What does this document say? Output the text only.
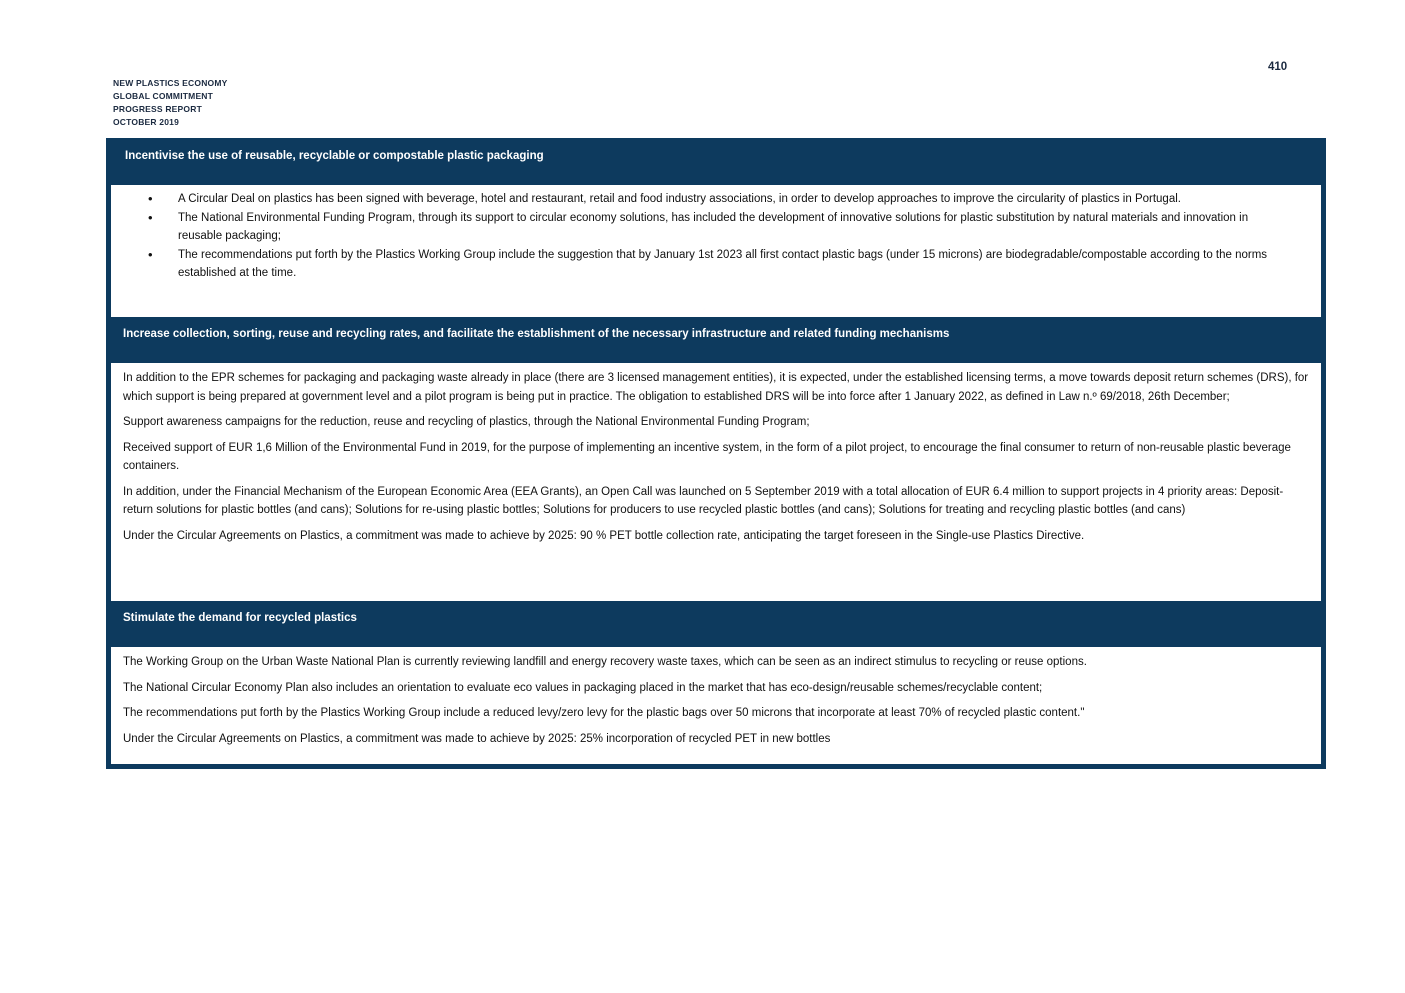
NEW PLASTICS ECONOMY
GLOBAL COMMITMENT
PROGRESS REPORT
OCTOBER 2019
410
Incentivise the use of reusable, recyclable or compostable plastic packaging
• A Circular Deal on plastics has been signed with beverage, hotel and restaurant, retail and food industry associations, in order to develop approaches to improve the circularity of plastics in Portugal.
• The National Environmental Funding Program, through its support to circular economy solutions, has included the development of innovative solutions for plastic substitution by natural materials and innovation in reusable packaging;
• The recommendations put forth by the Plastics Working Group include the suggestion that by January 1st 2023 all first contact plastic bags (under 15 microns) are biodegradable/compostable according to the norms established at the time.
Increase collection, sorting, reuse and recycling rates, and facilitate the establishment of the necessary infrastructure and related funding mechanisms

In addition to the EPR schemes for packaging and packaging waste already in place (there are 3 licensed management entities), it is expected, under the established licensing terms, a move towards deposit return schemes (DRS), for which support is being prepared at government level and a pilot program is being put in practice. The obligation to established DRS will be into force after 1 January 2022, as defined in Law n.º 69/2018, 26th December;

Support awareness campaigns for the reduction, reuse and recycling of plastics, through the National Environmental Funding Program;

Received support of EUR 1,6 Million of the Environmental Fund in 2019, for the purpose of implementing an incentive system, in the form of a pilot project, to encourage the final consumer to return of non-reusable plastic beverage containers.

In addition, under the Financial Mechanism of the European Economic Area (EEA Grants), an Open Call was launched on 5 September 2019 with a total allocation of EUR 6.4 million to support projects in 4 priority areas: Deposit-return solutions for plastic bottles (and cans); Solutions for re-using plastic bottles; Solutions for producers to use recycled plastic bottles (and cans); Solutions for treating and recycling plastic bottles (and cans)

Under the Circular Agreements on Plastics, a commitment was made to achieve by 2025: 90 % PET bottle collection rate, anticipating the target foreseen in the Single-use Plastics Directive.

Stimulate the demand for recycled plastics

The Working Group on the Urban Waste National Plan is currently reviewing landfill and energy recovery waste taxes, which can be seen as an indirect stimulus to recycling or reuse options.

The National Circular Economy Plan also includes an orientation to evaluate eco values in packaging placed in the market that has eco-design/reusable schemes/recyclable content;

The recommendations put forth by the Plastics Working Group include a reduced levy/zero levy for the plastic bags over 50 microns that incorporate at least 70% of recycled plastic content."

Under the Circular Agreements on Plastics, a commitment was made to achieve by 2025: 25% incorporation of recycled PET in new bottles
